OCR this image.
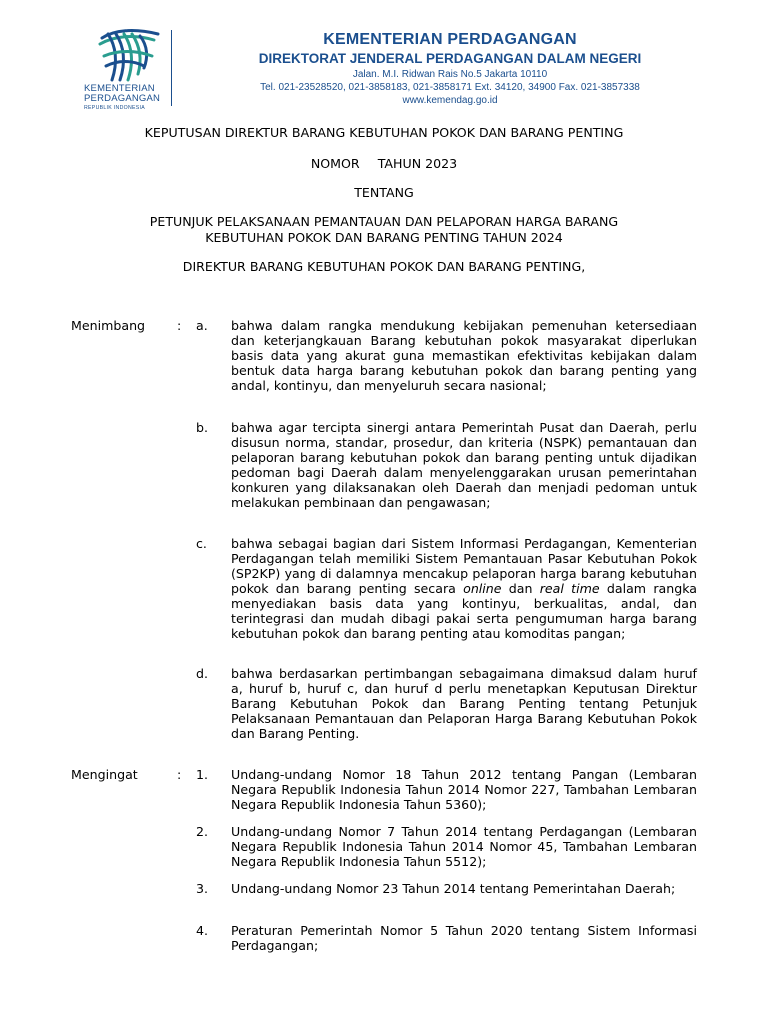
KEMENTERIAN
PERDAGANGAN
REPUBLIK INDONESIA
KEMENTERIAN PERDAGANGAN
DIREKTORAT JENDERAL PERDAGANGAN DALAM NEGERI
Jalan. M.I. Ridwan Rais No.5 Jakarta 10110
Tel. 021-23528520, 021-3858183, 021-3858171 Ext. 34120, 34900 Fax. 021-3857338
www.kemendag.go.id
KEPUTUSAN DIREKTUR BARANG KEBUTUHAN POKOK DAN BARANG PENTING
NOMOR TAHUN 2023
TENTANG
PETUNJUK PELAKSANAAN PEMANTAUAN DAN PELAPORAN HARGA BARANG
KEBUTUHAN POKOK DAN BARANG PENTING TAHUN 2024
DIREKTUR BARANG KEBUTUHAN POKOK DAN BARANG PENTING,
Menimbang	: a. bahwa dalam rangka mendukung kebijakan pemenuhan ketersediaan dan keterjangkauan Barang kebutuhan pokok masyarakat diperlukan basis data yang akurat guna memastikan efektivitas kebijakan dalam bentuk data harga barang kebutuhan pokok dan barang penting yang andal, kontinyu, dan menyeluruh secara nasional;
b. bahwa agar tercipta sinergi antara Pemerintah Pusat dan Daerah, perlu disusun norma, standar, prosedur, dan kriteria (NSPK) pemantauan dan pelaporan barang kebutuhan pokok dan barang penting untuk dijadikan pedoman bagi Daerah dalam menyelenggarakan urusan pemerintahan konkuren yang dilaksanakan oleh Daerah dan menjadi pedoman untuk melakukan pembinaan dan pengawasan;
c. bahwa sebagai bagian dari Sistem Informasi Perdagangan, Kementerian Perdagangan telah memiliki Sistem Pemantauan Pasar Kebutuhan Pokok (SP2KP) yang di dalamnya mencakup pelaporan harga barang kebutuhan pokok dan barang penting secara online dan real time dalam rangka menyediakan basis data yang kontinyu, berkualitas, andal, dan terintegrasi dan mudah dibagi pakai serta pengumuman harga barang kebutuhan pokok dan barang penting atau komoditas pangan;
d. bahwa berdasarkan pertimbangan sebagaimana dimaksud dalam huruf a, huruf b, huruf c, dan huruf d perlu menetapkan Keputusan Direktur Barang Kebutuhan Pokok dan Barang Penting tentang Petunjuk Pelaksanaan Pemantauan dan Pelaporan Harga Barang Kebutuhan Pokok dan Barang Penting.
Mengingat	: 1. Undang-undang Nomor 18 Tahun 2012 tentang Pangan (Lembaran Negara Republik Indonesia Tahun 2014 Nomor 227, Tambahan Lembaran Negara Republik Indonesia Tahun 5360);
2. Undang-undang Nomor 7 Tahun 2014 tentang Perdagangan (Lembaran Negara Republik Indonesia Tahun 2014 Nomor 45, Tambahan Lembaran Negara Republik Indonesia Tahun 5512);
3. Undang-undang Nomor 23 Tahun 2014 tentang Pemerintahan Daerah;
4. Peraturan Pemerintah Nomor 5 Tahun 2020 tentang Sistem Informasi Perdagangan;
